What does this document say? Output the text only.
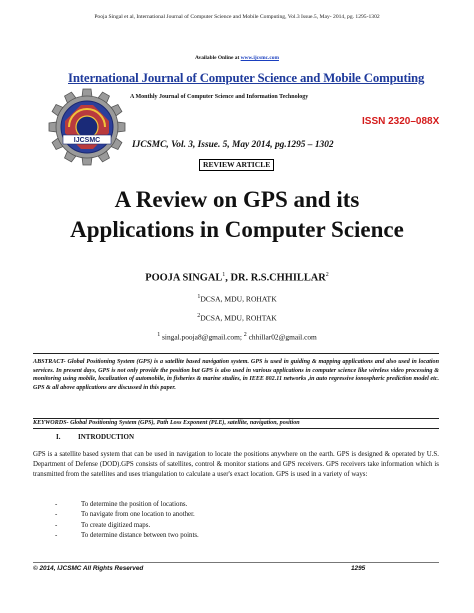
Pooja Singal et al, International Journal of Computer Science and Mobile Computing, Vol.3 Issue.5, May- 2014, pg. 1295-1302
Available Online at www.ijcsmc.com
International Journal of Computer Science and Mobile Computing
A Monthly Journal of Computer Science and Information Technology
IJCSMC
ISSN 2320–088X
IJCSMC, Vol. 3, Issue. 5, May 2014, pg.1295 – 1302
REVIEW ARTICLE
A Review on GPS and its
Applications in Computer Science
POOJA SINGAL$^1$, DR. R.S.CHHILLAR$^2$
$^1$DCSA, MDU, ROHATK
$^2$DCSA, MDU, ROHTAK
$^1$ singal.pooja8@gmail.com; $^2$ chhillar02@gmail.com
ABSTRACT- Global Positioning System (GPS) is a satellite based navigation system. GPS is used in guiding & mapping applications and also used in location services. In present days, GPS is not only provide the position but GPS is also used in various applications in computer science like wireless video processing & monitoring using mobile, localization of automobile, in fisheries & marine studies, in IEEE 802.11 networks ,in auto regressive ionospheric prediction model etc. GPS & all above applications are discussed in this paper.
KEYWORDS- Global Positioning System (GPS), Path Loss Exponent (PLE), satellite, navigation, position
I.	INTRODUCTION
GPS is a satellite based system that can be used in navigation to locate the positions anywhere on the earth. GPS is designed & operated by U.S. Department of Defense (DOD).GPS consists of satellites, control & monitor stations and GPS receivers. GPS receivers take information which is transmitted from the satellites and uses triangulation to calculate a user's exact location. GPS is used in a variety of ways:
-	To determine the position of locations.
-	To navigate from one location to another.
-	To create digitized maps.
-	To determine distance between two points.
© 2014, IJCSMC All Rights Reserved	1295
